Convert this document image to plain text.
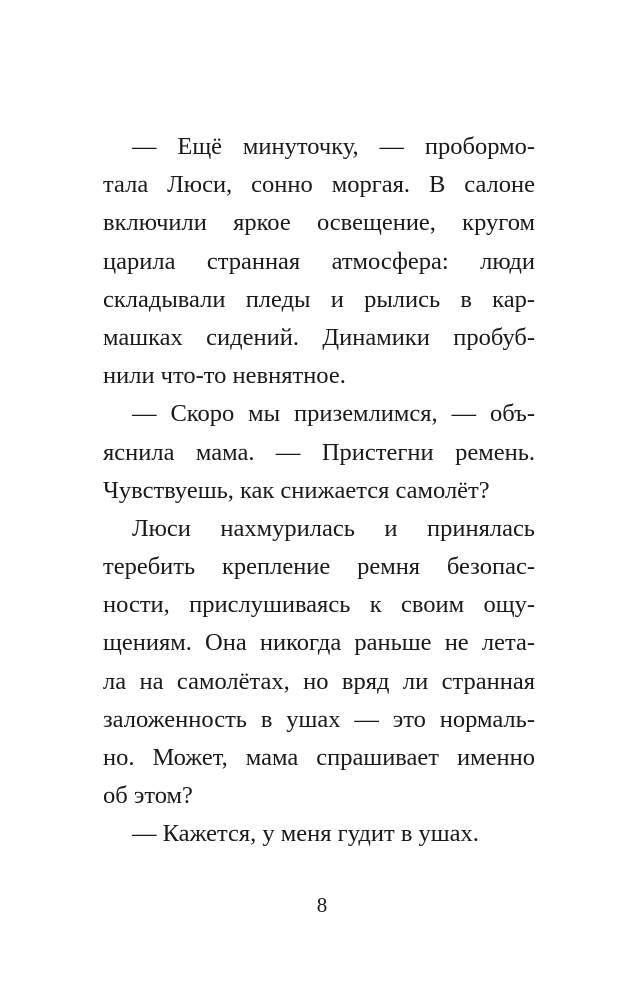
— Ещё минуточку, — пробормо-
тала Люси, сонно моргая. В салоне
включили яркое освещение, кругом
царила странная атмосфера: люди
складывали пледы и рылись в кар-
машках сидений. Динамики пробуб-
нили что-то невнятное.
— Скоро мы приземлимся, — объ-
яснила мама. — Пристегни ремень.
Чувствуешь, как снижается самолёт?
Люси нахмурилась и принялась
теребить крепление ремня безопас-
ности, прислушиваясь к своим ощу-
щениям. Она никогда раньше не лета-
ла на самолётах, но вряд ли странная
заложенность в ушах — это нормаль-
но. Может, мама спрашивает именно
об этом?
— Кажется, у меня гудит в ушах.
8
